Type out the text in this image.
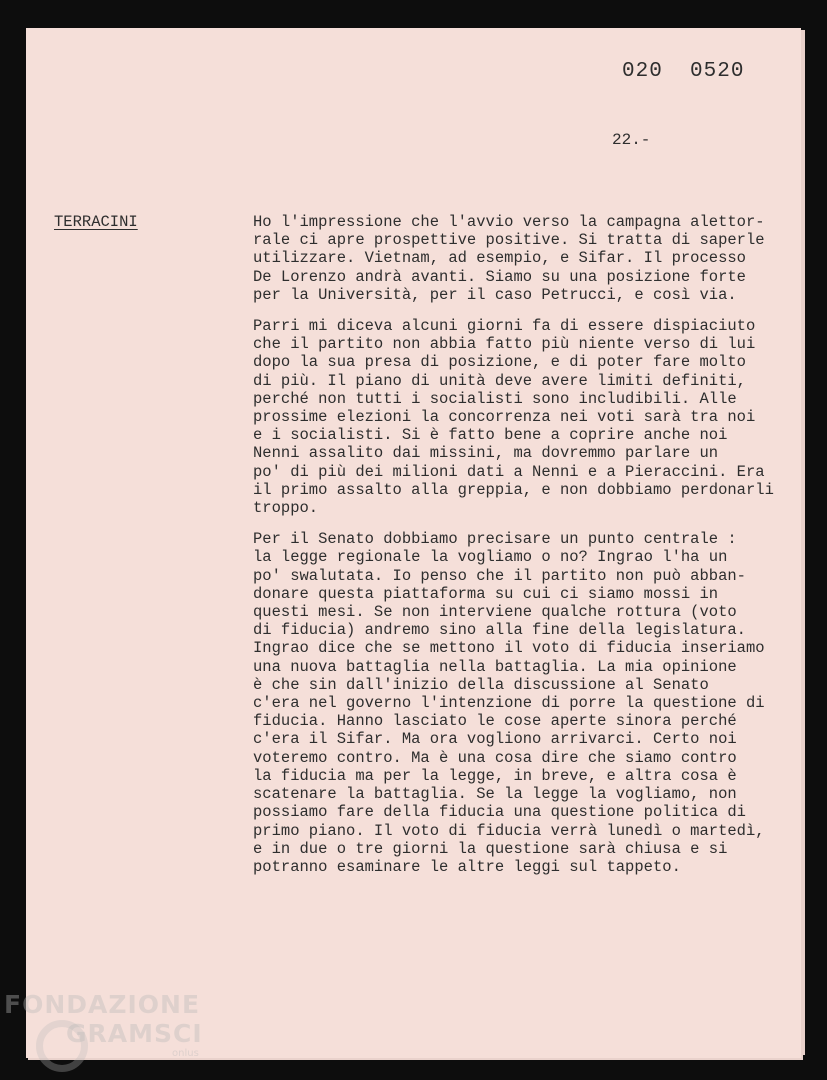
020  0520
22.-
TERRACINI	Ho l'impressione che l'avvio verso la campagna alettor-
rale ci apre prospettive positive. Si tratta di saperle
utilizzare. Vietnam, ad esempio, e Sifar. Il processo
De Lorenzo andrà avanti. Siamo su una posizione forte
per la Università, per il caso Petrucci, e così via.

Parri mi diceva alcuni giorni fa di essere dispiaciuto
che il partito non abbia fatto più niente verso di lui
dopo la sua presa di posizione, e di poter fare molto
di più. Il piano di unità deve avere limiti definiti,
perché non tutti i socialisti sono includibili. Alle
prossime elezioni la concorrenza nei voti sarà tra noi
e i socialisti. Si è fatto bene a coprire anche noi
Nenni assalito dai missini, ma dovremmo parlare un
po' di più dei milioni dati a Nenni e a Pieraccini. Era
il primo assalto alla greppia, e non dobbiamo perdonarli
troppo.

Per il Senato dobbiamo precisare un punto centrale :
la legge regionale la vogliamo o no? Ingrao l'ha un
po' swalutata. Io penso che il partito non può abban-
donare questa piattaforma su cui ci siamo mossi in
questi mesi. Se non interviene qualche rottura (voto
di fiducia) andremo sino alla fine della legislatura.
Ingrao dice che se mettono il voto di fiducia inseriamo
una nuova battaglia nella battaglia. La mia opinione
è che sin dall'inizio della discussione al Senato
c'era nel governo l'intenzione di porre la questione di
fiducia. Hanno lasciato le cose aperte sinora perché
c'era il Sifar. Ma ora vogliono arrivarci. Certo noi
voteremo contro. Ma è una cosa dire che siamo contro
la fiducia ma per la legge, in breve, e altra cosa è
scatenare la battaglia. Se la legge la vogliamo, non
possiamo fare della fiducia una questione politica di
primo piano. Il voto di fiducia verrà lunedì o martedì,
e in due o tre giorni la questione sarà chiusa e si
potranno esaminare le altre leggi sul tappeto.

FONDAZIONE
GRAMSCI
onlus
